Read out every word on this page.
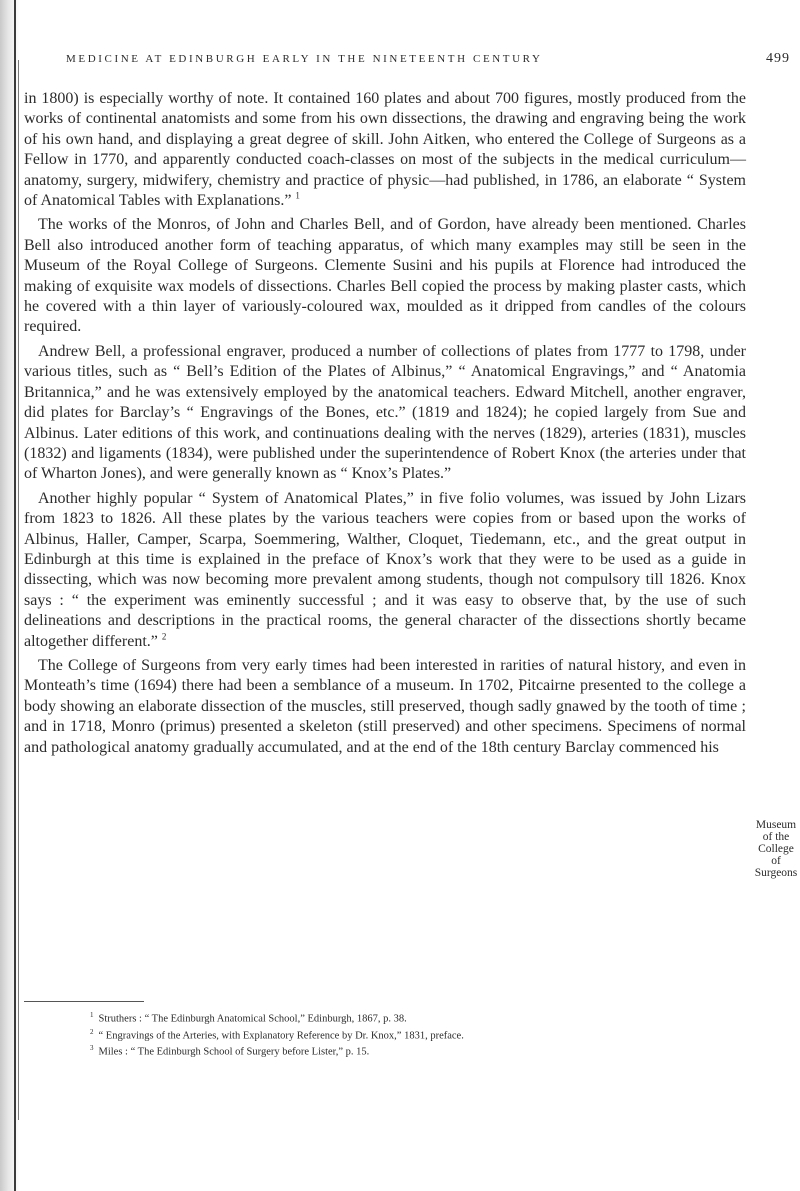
MEDICINE AT EDINBURGH EARLY IN THE NINETEENTH CENTURY	499

in 1800) is especially worthy of note. It contained 160 plates and about 700 figures, mostly produced from the works of continental anatomists and some from his own dissections, the drawing and engraving being the work of his own hand, and displaying a great degree of skill. John Aitken, who entered the College of Surgeons as a Fellow in 1770, and apparently conducted coach-classes on most of the subjects in the medical curriculum—anatomy, surgery, midwifery, chemistry and practice of physic—had published, in 1786, an elaborate “ System of Anatomical Tables with Explanations.” $^1$

The works of the Monros, of John and Charles Bell, and of Gordon, have already been mentioned. Charles Bell also introduced another form of teaching apparatus, of which many examples may still be seen in the Museum of the Royal College of Surgeons. Clemente Susini and his pupils at Florence had introduced the making of exquisite wax models of dissections. Charles Bell copied the process by making plaster casts, which he covered with a thin layer of variously-coloured wax, moulded as it dripped from candles of the colours required.

Andrew Bell, a professional engraver, produced a number of collections of plates from 1777 to 1798, under various titles, such as “ Bell’s Edition of the Plates of Albinus,” “ Anatomical Engravings,” and “ Anatomia Britannica,” and he was extensively employed by the anatomical teachers. Edward Mitchell, another engraver, did plates for Barclay’s “ Engravings of the Bones, etc.” (1819 and 1824); he copied largely from Sue and Albinus. Later editions of this work, and continuations dealing with the nerves (1829), arteries (1831), muscles (1832) and ligaments (1834), were published under the superintendence of Robert Knox (the arteries under that of Wharton Jones), and were generally known as “ Knox’s Plates.”

Another highly popular “ System of Anatomical Plates,” in five folio volumes, was issued by John Lizars from 1823 to 1826. All these plates by the various teachers were copies from or based upon the works of Albinus, Haller, Camper, Scarpa, Soemmering, Walther, Cloquet, Tiedemann, etc., and the great output in Edinburgh at this time is explained in the preface of Knox’s work that they were to be used as a guide in dissecting, which was now becoming more prevalent among students, though not compulsory till 1826. Knox says : “ the experiment was eminently successful ; and it was easy to observe that, by the use of such delineations and descriptions in the practical rooms, the general character of the dissections shortly became altogether different.” $^2$

The College of Surgeons from very early times had been interested in rarities of natural history, and even in Monteath’s time (1694) there had been a semblance of a museum. In 1702, Pitcairne presented to the college a body showing an elaborate dissection of the muscles, still preserved, though sadly gnawed by the tooth of time ; and in 1718, Monro (primus) presented a skeleton (still preserved) and other specimens. Specimens of normal and pathological anatomy gradually accumulated, and at the end of the 18th century Barclay commenced his

Museum of the College of Surgeons

$^1$ Struthers : “ The Edinburgh Anatomical School,” Edinburgh, 1867, p. 38.

$^2$ “ Engravings of the Arteries, with Explanatory Reference by Dr. Knox,” 1831, preface.

$^3$ Miles : “ The Edinburgh School of Surgery before Lister,” p. 15.
